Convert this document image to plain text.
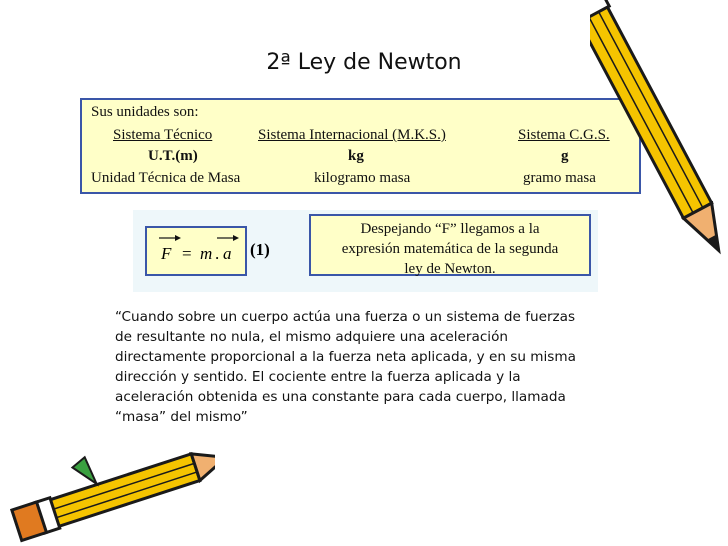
2ª Ley de Newton
Sus unidades son:
Sistema Técnico	Sistema Internacional (M.K.S.)	Sistema C.G.S.
U.T.(m)	kg	g
Unidad Técnica de Masa	kilogramo masa	gramo masa
F = m . a (1)
Despejando “F” llegamos a la
expresión matemática de la segunda
ley de Newton.
“Cuando sobre un cuerpo actúa una fuerza o un sistema de fuerzas de resultante no nula, el mismo adquiere una aceleración directamente proporcional a la fuerza neta aplicada, y en su misma dirección y sentido. El cociente entre la fuerza aplicada y la aceleración obtenida es una constante para cada cuerpo, llamada “masa” del mismo”
